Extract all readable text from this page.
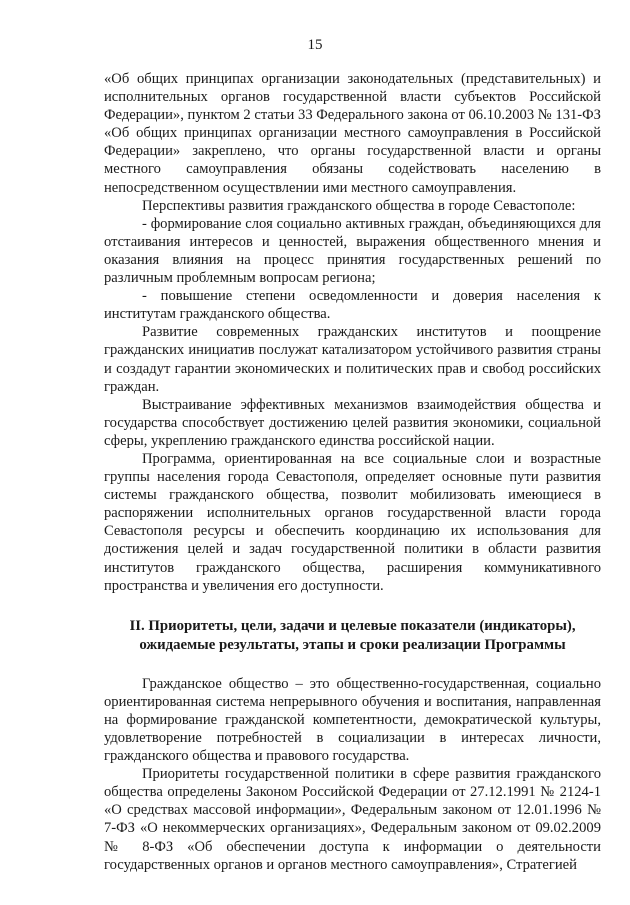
15

«Об общих принципах организации законодательных (представительных) и исполнительных органов государственной власти субъектов Российской Федерации», пунктом 2 статьи 33 Федерального закона от 06.10.2003 № 131-ФЗ «Об общих принципах организации местного самоуправления в Российской Федерации» закреплено, что органы государственной власти и органы местного самоуправления обязаны содействовать населению в непосредственном осуществлении ими местного самоуправления.

Перспективы развития гражданского общества в городе Севастополе:

- формирование слоя социально активных граждан, объединяющихся для отстаивания интересов и ценностей, выражения общественного мнения и оказания влияния на процесс принятия государственных решений по различным проблемным вопросам региона;

- повышение степени осведомленности и доверия населения к институтам гражданского общества.

Развитие современных гражданских институтов и поощрение гражданских инициатив послужат катализатором устойчивого развития страны и создадут гарантии экономических и политических прав и свобод российских граждан.

Выстраивание эффективных механизмов взаимодействия общества и государства способствует достижению целей развития экономики, социальной сферы, укреплению гражданского единства российской нации.

Программа, ориентированная на все социальные слои и возрастные группы населения города Севастополя, определяет основные пути развития системы гражданского общества, позволит мобилизовать имеющиеся в распоряжении исполнительных органов государственной власти города Севастополя ресурсы и обеспечить координацию их использования для достижения целей и задач государственной политики в области развития институтов гражданского общества, расширения коммуникативного пространства и увеличения его доступности.

II. Приоритеты, цели, задачи и целевые показатели (индикаторы),
ожидаемые результаты, этапы и сроки реализации Программы

Гражданское общество – это общественно-государственная, социально ориентированная система непрерывного обучения и воспитания, направленная на формирование гражданской компетентности, демократической культуры, удовлетворение потребностей в социализации в интересах личности, гражданского общества и правового государства.

Приоритеты государственной политики в сфере развития гражданского общества определены Законом Российской Федерации от 27.12.1991 № 2124-1 «О средствах массовой информации», Федеральным законом от 12.01.1996 № 7-ФЗ «О некоммерческих организациях», Федеральным законом от 09.02.2009 № 8-ФЗ «Об обеспечении доступа к информации о деятельности государственных органов и органов местного самоуправления», Стратегией
